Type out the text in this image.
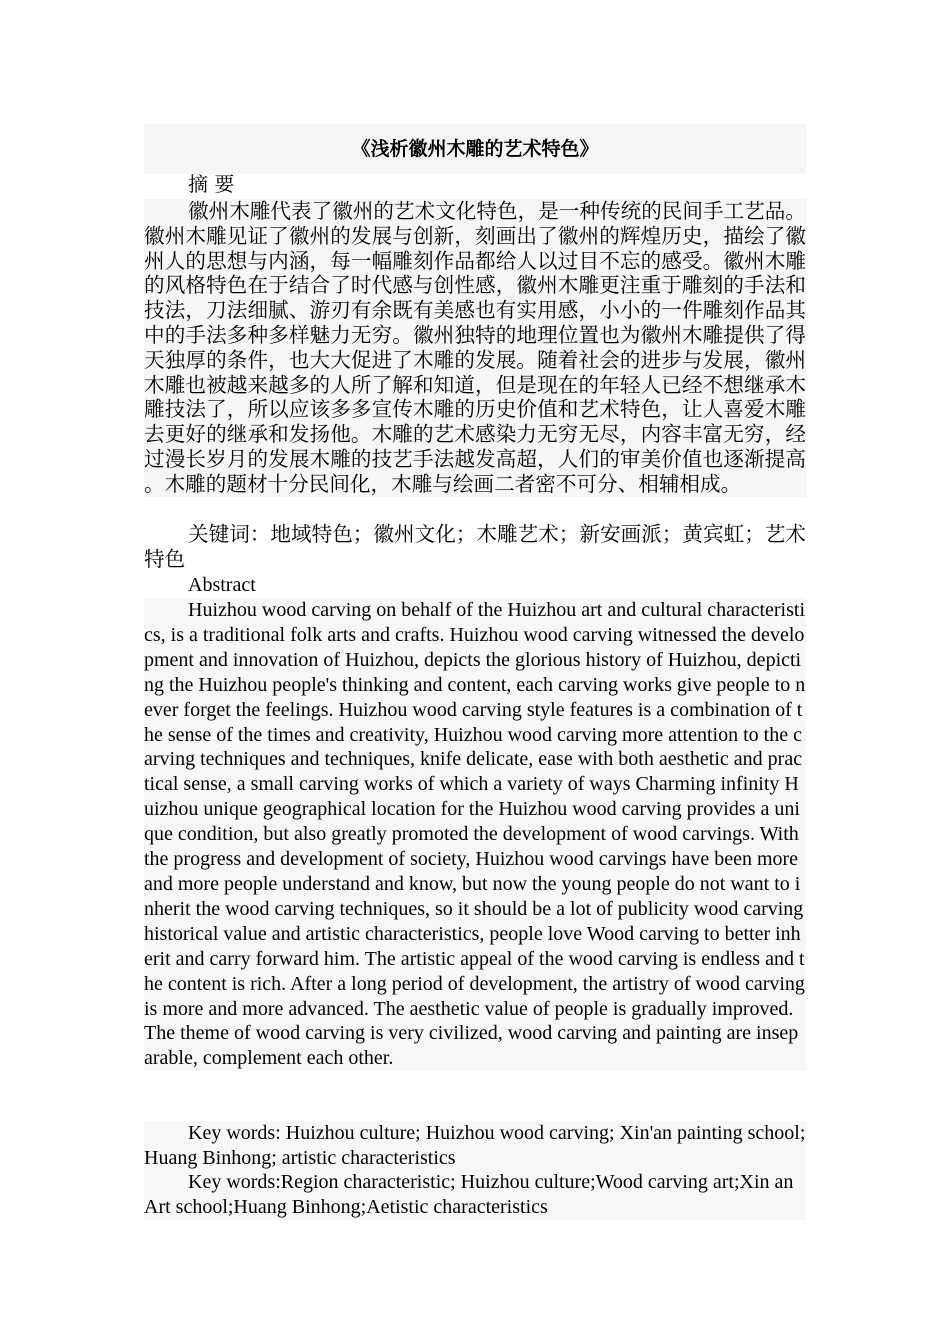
《浅析徽州木雕的艺术特色》

摘 要

徽州木雕代表了徽州的艺术文化特色，是一种传统的民间手工艺品。徽州木雕见证了徽州的发展与创新，刻画出了徽州的辉煌历史，描绘了徽州人的思想与内涵，每一幅雕刻作品都给人以过目不忘的感受。徽州木雕的风格特色在于结合了时代感与创性感，徽州木雕更注重于雕刻的手法和技法，刀法细腻、游刃有余既有美感也有实用感，小小的一件雕刻作品其中的手法多种多样魅力无穷。徽州独特的地理位置也为徽州木雕提供了得天独厚的条件，也大大促进了木雕的发展。随着社会的进步与发展，徽州木雕也被越来越多的人所了解和知道，但是现在的年轻人已经不想继承木雕技法了，所以应该多多宣传木雕的历史价值和艺术特色，让人喜爱木雕去更好的继承和发扬他。木雕的艺术感染力无穷无尽，内容丰富无穷，经过漫长岁月的发展木雕的技艺手法越发高超，人们的审美价值也逐渐提高。木雕的题材十分民间化，木雕与绘画二者密不可分、相辅相成。

关键词：地域特色；徽州文化；木雕艺术；新安画派；黄宾虹；艺术特色

Abstract

Huizhou wood carving on behalf of the Huizhou art and cultural characteristics, is a traditional folk arts and crafts. Huizhou wood carving witnessed the development and innovation of Huizhou, depicts the glorious history of Huizhou, depicting the Huizhou people's thinking and content, each carving works give people to never forget the feelings. Huizhou wood carving style features is a combination of the sense of the times and creativity, Huizhou wood carving more attention to the carving techniques and techniques, knife delicate, ease with both aesthetic and practical sense, a small carving works of which a variety of ways Charming infinity Huizhou unique geographical location for the Huizhou wood carving provides a unique condition, but also greatly promoted the development of wood carvings. With the progress and development of society, Huizhou wood carvings have been more and more people understand and know, but now the young people do not want to inherit the wood carving techniques, so it should be a lot of publicity wood carving historical value and artistic characteristics, people love Wood carving to better inherit and carry forward him. The artistic appeal of the wood carving is endless and the content is rich. After a long period of development, the artistry of wood carving is more and more advanced. The aesthetic value of people is gradually improved. The theme of wood carving is very civilized, wood carving and painting are inseparable, complement each other.

Key words: Huizhou culture; Huizhou wood carving; Xin'an painting school; Huang Binhong; artistic characteristics

Key words:Region characteristic; Huizhou culture;Wood carving art;Xin an Art school;Huang Binhong;Aetistic characteristics
